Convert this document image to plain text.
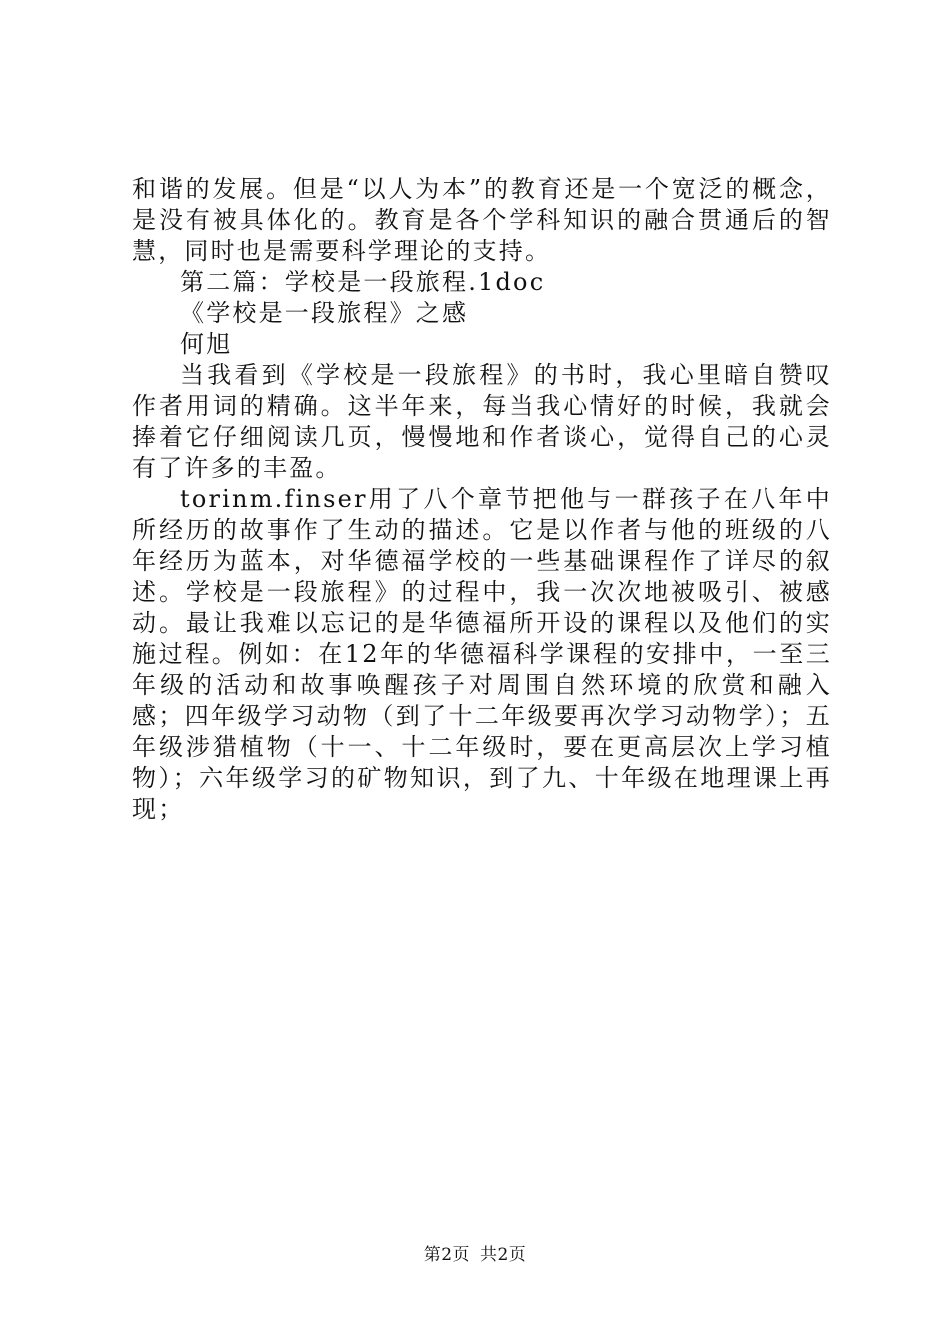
和谐的发展。但是“以人为本”的教育还是一个宽泛的概念，是没有被具体化的。教育是各个学科知识的融合贯通后的智慧，同时也是需要科学理论的支持。

第二篇：学校是一段旅程.1doc

《学校是一段旅程》之感

何旭

当我看到《学校是一段旅程》的书时，我心里暗自赞叹作者用词的精确。这半年来，每当我心情好的时候，我就会捧着它仔细阅读几页，慢慢地和作者谈心，觉得自己的心灵有了许多的丰盈。

torinm.finser用了八个章节把他与一群孩子在八年中所经历的故事作了生动的描述。它是以作者与他的班级的八年经历为蓝本，对华德福学校的一些基础课程作了详尽的叙述。学校是一段旅程》的过程中，我一次次地被吸引、被感动。最让我难以忘记的是华德福所开设的课程以及他们的实施过程。例如：在12年的华德福科学课程的安排中，一至三年级的活动和故事唤醒孩子对周围自然环境的欣赏和融入感；四年级学习动物（到了十二年级要再次学习动物学）；五年级涉猎植物（十一、十二年级时，要在更高层次上学习植物）；六年级学习的矿物知识，到了九、十年级在地理课上再现；

第2页 共2页
